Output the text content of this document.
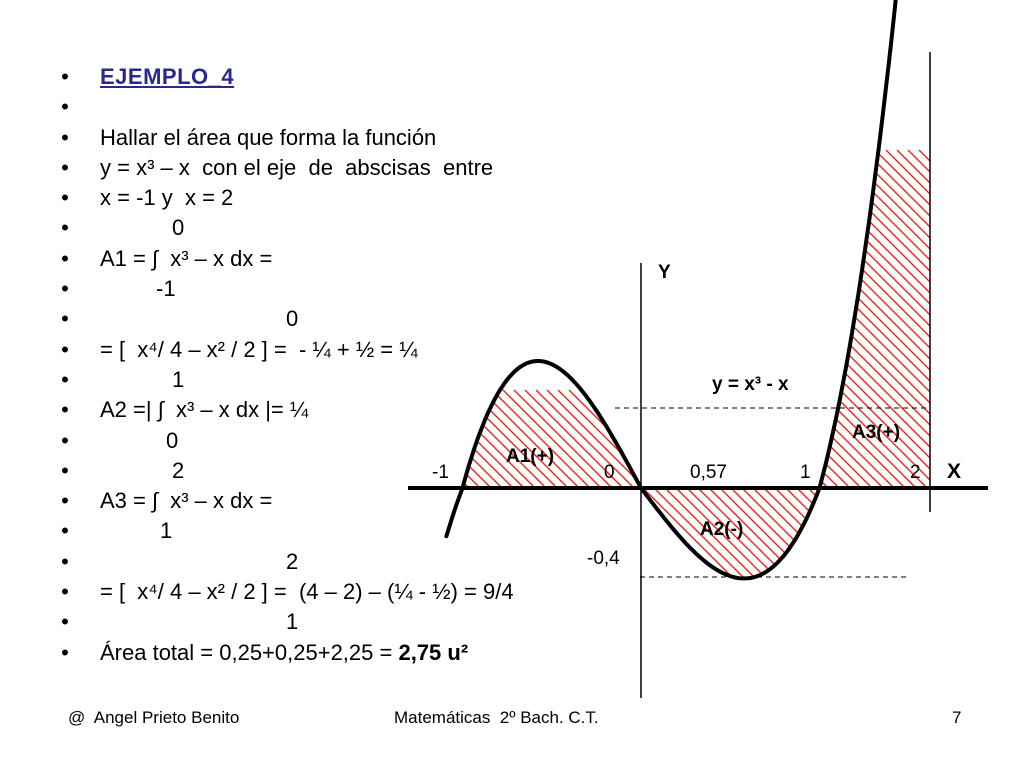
• EJEMPLO_4
•
• Hallar el área que forma la función
• y = x³ – x  con el eje  de  abscisas  entre
• x = -1 y  x = 2
•	0
• A1 = ∫  x³ – x dx =
•	-1
•	0
• = [  x⁴/ 4 – x² / 2 ] =  - ¼ + ½ = ¼
•	1
• A2 =| ∫  x³ – x dx |= ¼
•	0
•	2
• A3 = ∫  x³ – x dx =
•	1
•	2
• = [  x⁴/ 4 – x² / 2 ] =  (4 – 2) – (¼ - ½) = 9/4
•	1
• Área total = 0,25+0,25+2,25 = 2,75 u²
Y
X
y = x³ - x
A1(+)
A2(-)
A3(+)
-1	0	0,57	1	2
-0,4
@  Angel Prieto Benito	Matemáticas  2º Bach. C.T.	7
